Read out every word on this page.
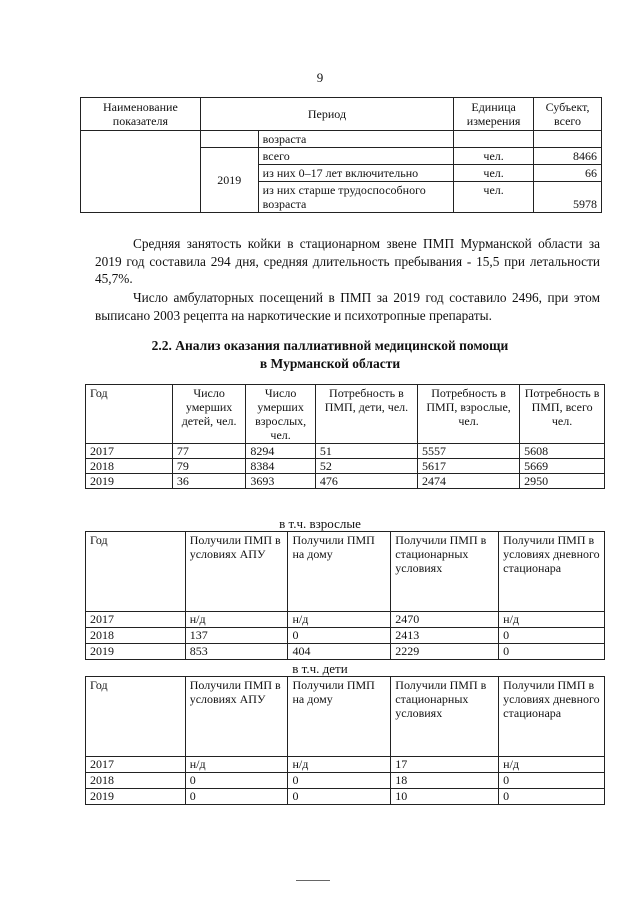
9
Наименование показателя	Период		Единица измерения	Субъект, всего
		возраста		
	2019	всего	чел.	8466
		из них 0–17 лет включительно	чел.	66
		из них старше трудоспособного возраста	чел.	5978
Средняя занятость койки в стационарном звене ПМП Мурманской области за 2019 год составила 294 дня, средняя длительность пребывания - 15,5 при летальности 45,7%.
Число амбулаторных посещений в ПМП за 2019 год составило 2496, при этом выписано 2003 рецепта на наркотические и психотропные препараты.
2.2. Анализ оказания паллиативной медицинской помощи
в Мурманской области
Год	Число умерших детей, чел.	Число умерших взрослых, чел.	Потребность в ПМП, дети, чел.	Потребность в ПМП, взрослые, чел.	Потребность в ПМП, всего чел.
2017	77	8294	51	5557	5608
2018	79	8384	52	5617	5669
2019	36	3693	476	2474	2950
в т.ч. взрослые
Год	Получили ПМП в условиях АПУ	Получили ПМП на дому	Получили ПМП в стационарных условиях	Получили ПМП в условиях дневного стационара
2017	н/д	н/д	2470	н/д
2018	137	0	2413	0
2019	853	404	2229	0
в т.ч. дети
Год	Получили ПМП в условиях АПУ	Получили ПМП на дому	Получили ПМП в стационарных условиях	Получили ПМП в условиях дневного стационара
2017	н/д	н/д	17	н/д
2018	0	0	18	0
2019	0	0	10	0
